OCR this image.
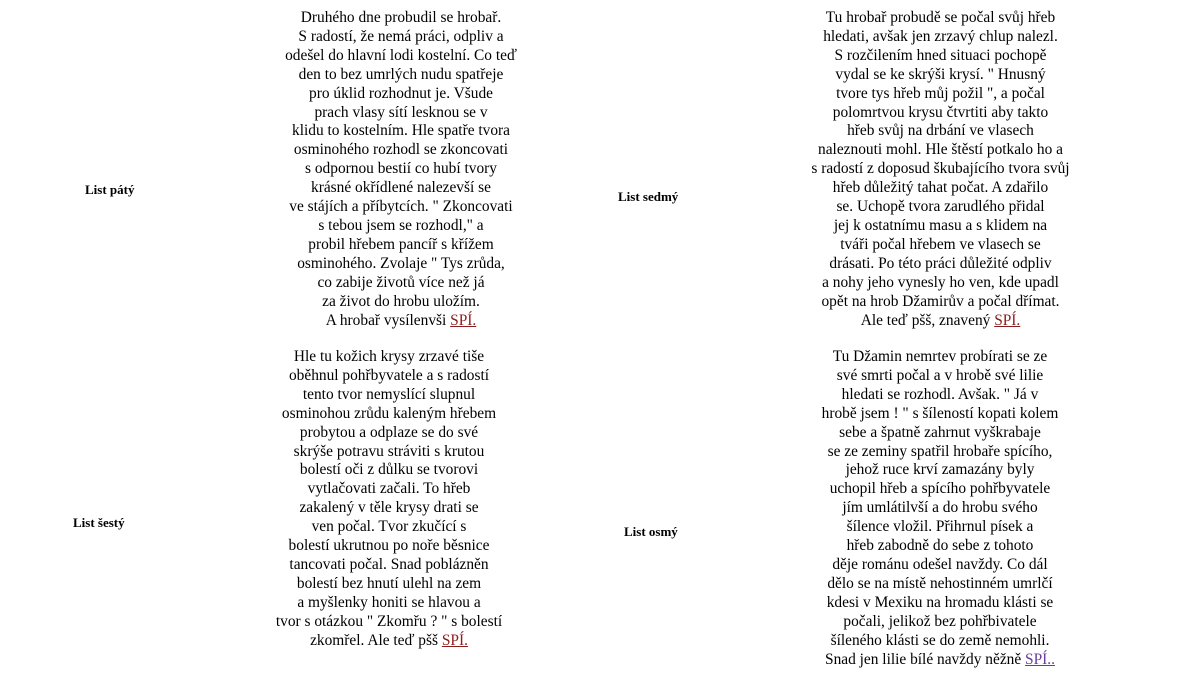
List pátý
Druhého dne probudil se hrobař.
S radostí, že nemá práci, odpliv a
odešel do hlavní lodi kostelní. Co teď
den to bez umrlých nudu spatřeje
pro úklid rozhodnut je. Všude
prach vlasy sítí lesknou se v
klidu to kostelním. Hle spatře tvora
osminohého rozhodl se zkoncovati
s odpornou bestií co hubí tvory
krásné okřídlené nalezevší se
ve stájích a příbytcích. " Zkoncovati
s tebou jsem se rozhodl," a
probil hřebem pancíř s křížem
osminohého. Zvolaje " Tys zrůda,
co zabije životů více než já
za život do hrobu uložím.
A hrobař vysílenvši SPÍ.
List šestý
Hle tu kožich krysy zrzavé tiše
oběhnul pohřbyvatele a s radostí
tento tvor nemyslící slupnul
osminohou zrůdu kaleným hřebem
probytou a odplaze se do své
skrýše potravu stráviti s krutou
bolestí oči z důlku se tvorovi
vytlačovati začali. To hřeb
zakalený v těle krysy drati se
ven počal. Tvor zkučící s
bolestí ukrutnou po noře běsnice
tancovati počal. Snad poblázněn
bolestí bez hnutí ulehl na zem
a myšlenky honiti se hlavou a
tvor s otázkou " Zkomřu ? " s bolestí
zkomřel. Ale teď pšš SPÍ.
List sedmý
Tu hrobař probudě se počal svůj hřeb
hledati, avšak jen zrzavý chlup nalezl.
S rozčilením hned situaci pochopě
vydal se ke skrýši krysí. " Hnusný
tvore tys hřeb můj požil ", a počal
polomrtvou krysu čtvrtiti aby takto
hřeb svůj na drbání ve vlasech
naleznouti mohl. Hle štěstí potkalo ho a
s radostí z doposud škubajícího tvora svůj
hřeb důležitý tahat počat. A zdařilo
se. Uchopě tvora zarudlého přidal
jej k ostatnímu masu a s klidem na
tváři počal hřebem ve vlasech se
drásati. Po této práci důležité odpliv
a nohy jeho vynesly ho ven, kde upadl
opět na hrob Džamirův a počal dřímat.
Ale teď pšš, znavený SPÍ.
List osmý
Tu Džamin nemrtev probírati se ze
své smrti počal a v hrobě své lilie
hledati se rozhodl. Avšak. " Já v
hrobě jsem ! " s šíleností kopati kolem
sebe a špatně zahrnut vyškrabaje
se ze zeminy spatřil hrobaře spícího,
jehož ruce krví zamazány byly
uchopil hřeb a spícího pohřbyvatele
jím umlátilvší a do hrobu svého
šílence vložil. Přihrnul písek a
hřeb zabodně do sebe z tohoto
děje románu odešel navždy. Co dál
dělo se na místě nehostinném umrlčí
kdesi v Mexiku na hromadu klásti se
počali, jelikož bez pohřbivatele
šíleného klásti se do země nemohli.
Snad jen lilie bílé navždy něžně SPÍ..
